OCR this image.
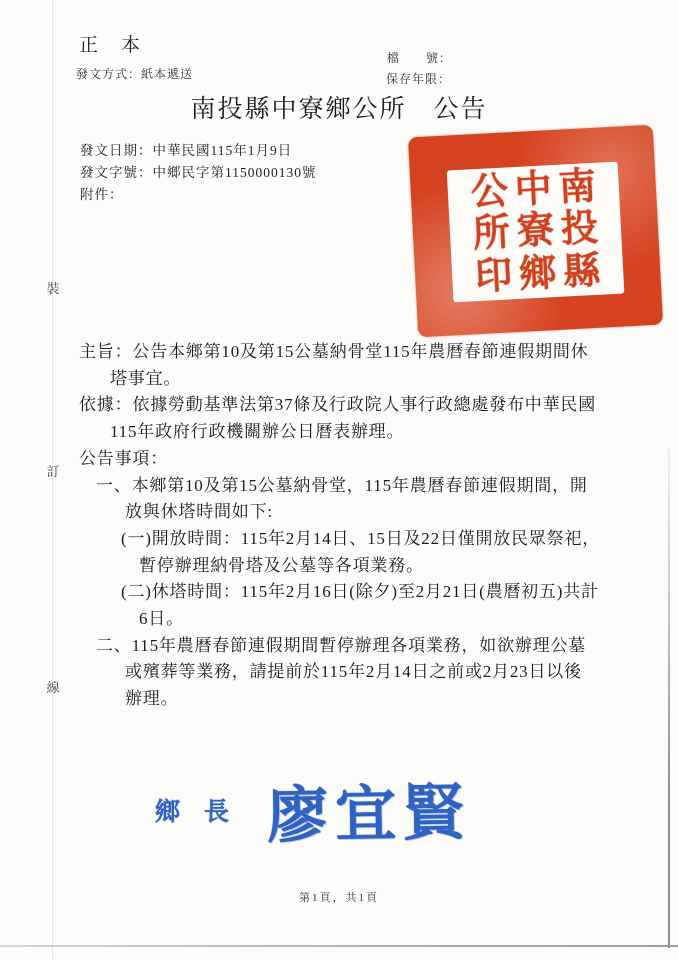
裝
訂
線
正　本
發文方式：紙本遞送
檔　　號：
保存年限：
南投縣中寮鄉公所　公告
發文日期：中華民國115年1月9日
發文字號：中鄉民字第1150000130號
附件：	南投縣
中寮鄉
公所印
主旨：公告本鄉第10及第15公墓納骨堂115年農曆春節連假期間休
塔事宜。
依據：依據勞動基準法第37條及行政院人事行政總處發布中華民國
115年政府行政機關辦公日曆表辦理。
公告事項：
一、本鄉第10及第15公墓納骨堂，115年農曆春節連假期間，開
放與休塔時間如下:
(一)開放時間：115年2月14日、15日及22日僅開放民眾祭祀，
暫停辦理納骨塔及公墓等各項業務。
(二)休塔時間：115年2月16日(除夕)至2月21日(農曆初五)共計
6日。
二、115年農曆春節連假期間暫停辦理各項業務，如欲辦理公墓
或殯葬等業務，請提前於115年2月14日之前或2月23日以後
辦理。
鄉長 廖宜賢
第1頁，共1頁
